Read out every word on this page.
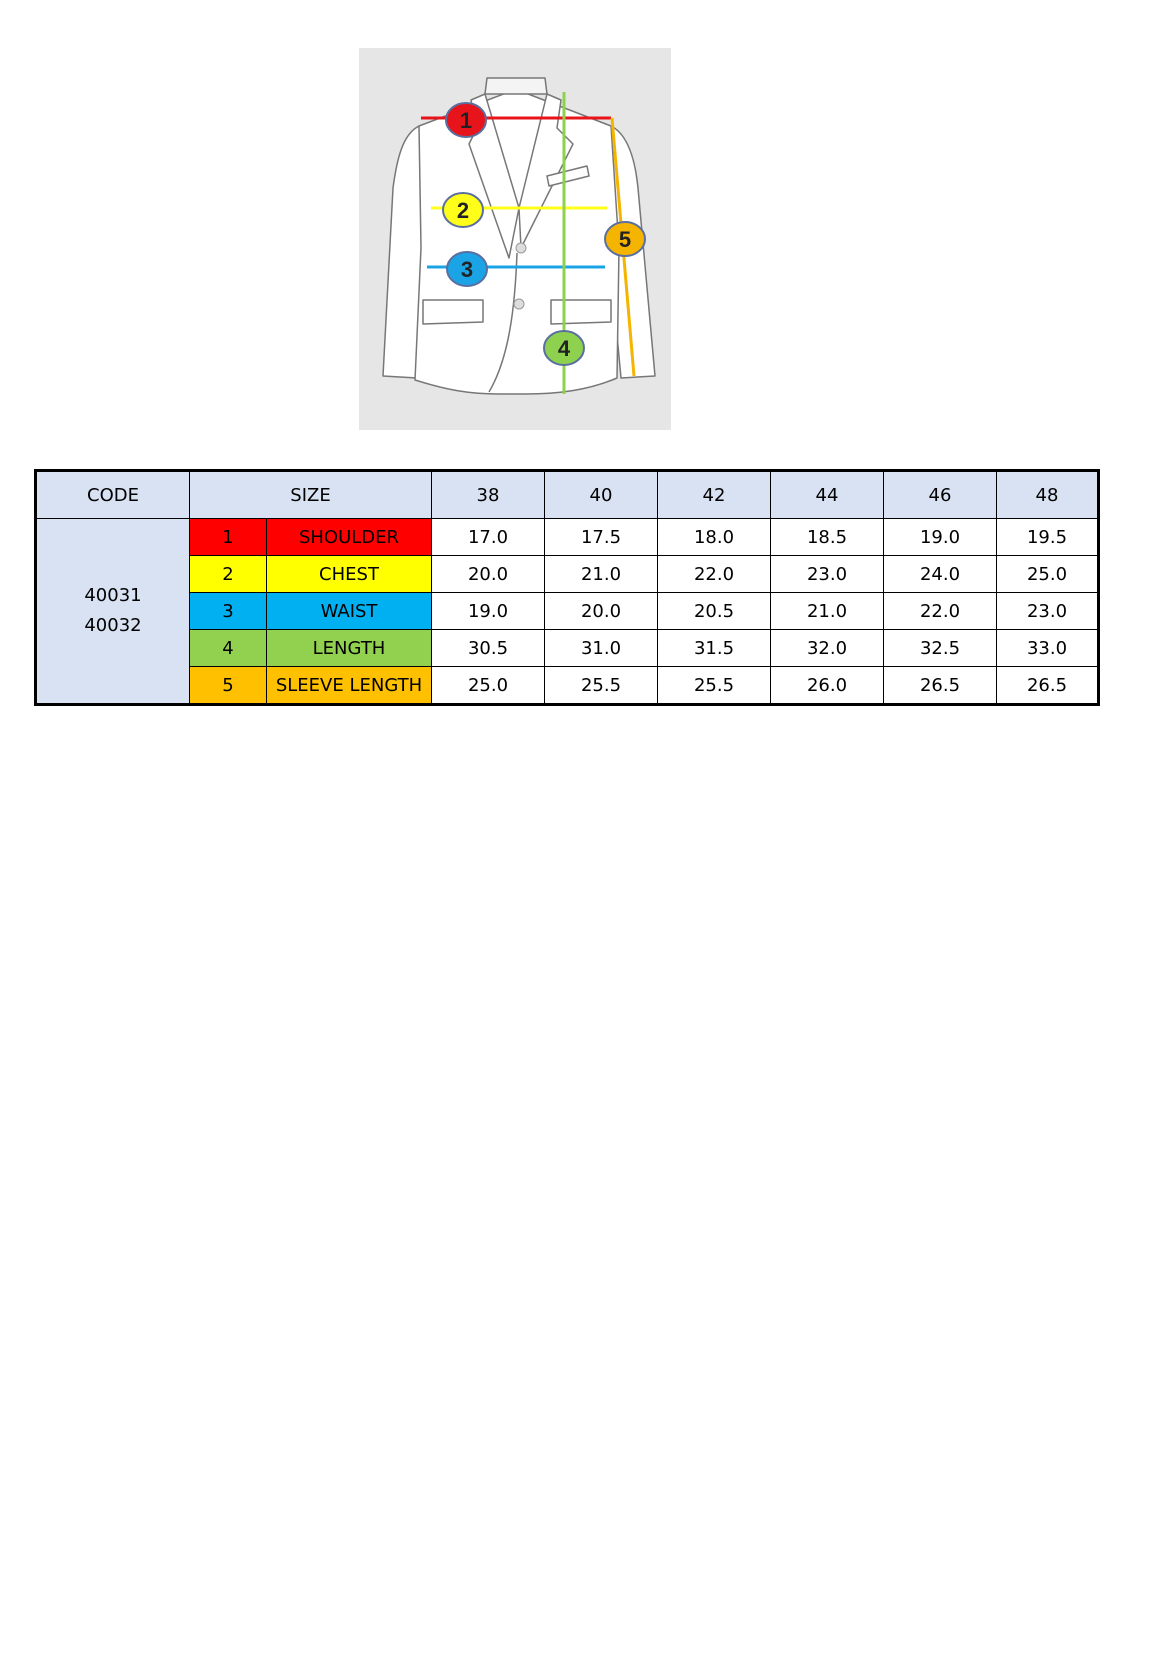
1
2
3
4
5
CODE	SIZE		38	40	42	44	46	48

40031
40032	1	SHOULDER	17.0	17.5	18.0	18.5	19.0	19.5
	2	CHEST	20.0	21.0	22.0	23.0	24.0	25.0
	3	WAIST	19.0	20.0	20.5	21.0	22.0	23.0
	4	LENGTH	30.5	31.0	31.5	32.0	32.5	33.0
	5	SLEEVE LENGTH	25.0	25.5	25.5	26.0	26.5	26.5
